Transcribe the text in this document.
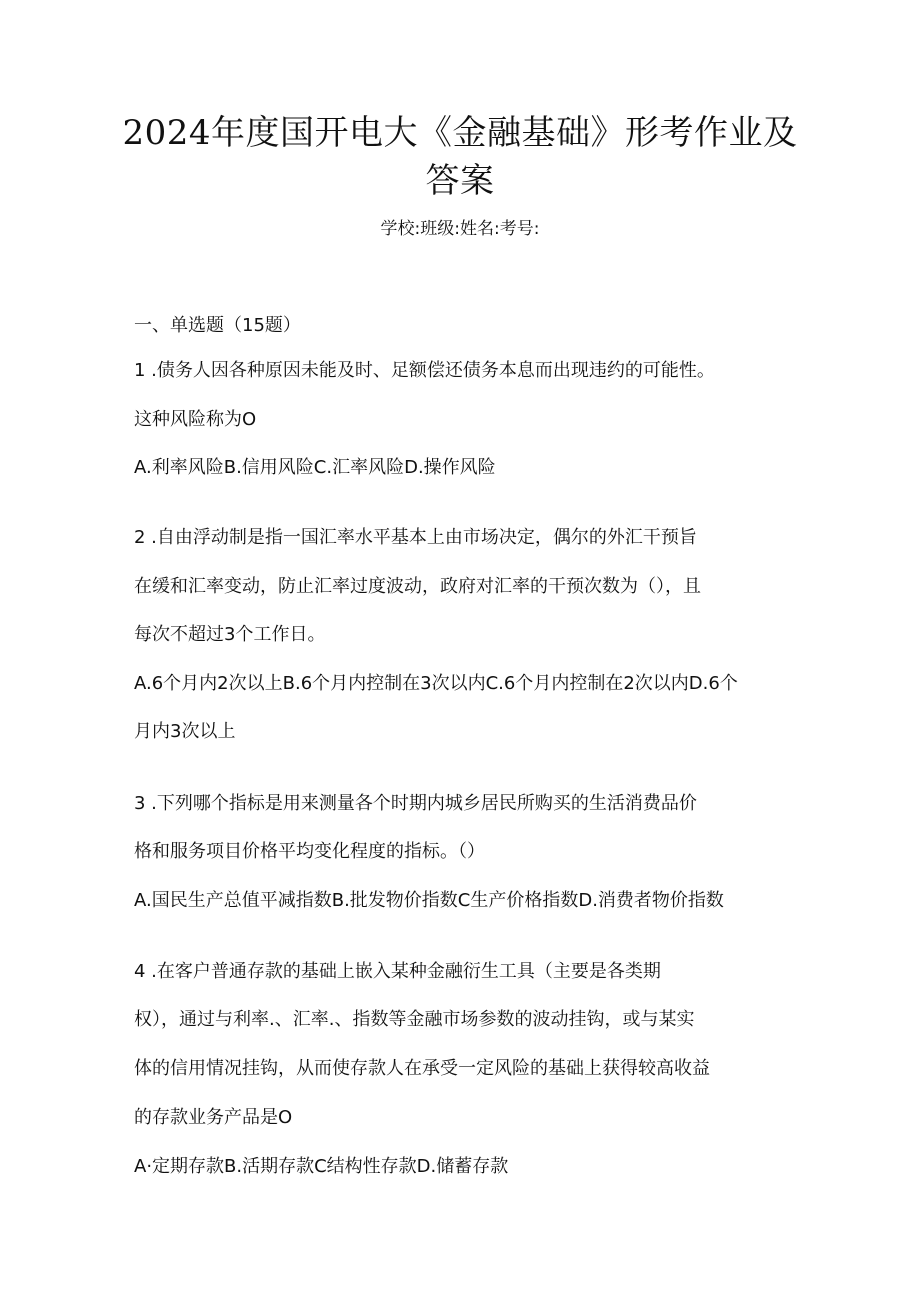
2024年度国开电大《金融基础》形考作业及
答案
学校:班级:姓名:考号:
一、单选题（15题）
1 .债务人因各种原因未能及时、足额偿还债务本息而出现违约的可能性。
这种风险称为O
A.利率风险B.信用风险C.汇率风险D.操作风险
2 .自由浮动制是指一国汇率水平基本上由市场决定，偶尔的外汇干预旨
在缓和汇率变动，防止汇率过度波动，政府对汇率的干预次数为（），且
每次不超过3个工作日。
A.6个月内2次以上B.6个月内控制在3次以内C.6个月内控制在2次以内D.6个
月内3次以上
3 .下列哪个指标是用来测量各个时期内城乡居民所购买的生活消费品价
格和服务项目价格平均变化程度的指标。（）
A.国民生产总值平减指数B.批发物价指数C生产价格指数D.消费者物价指数
4 .在客户普通存款的基础上嵌入某种金融衍生工具（主要是各类期
权），通过与利率.、汇率.、指数等金融市场参数的波动挂钩，或与某实
体的信用情况挂钩，从而使存款人在承受一定风险的基础上获得较高收益
的存款业务产品是O
A·定期存款B.活期存款C结构性存款D.储蓄存款
